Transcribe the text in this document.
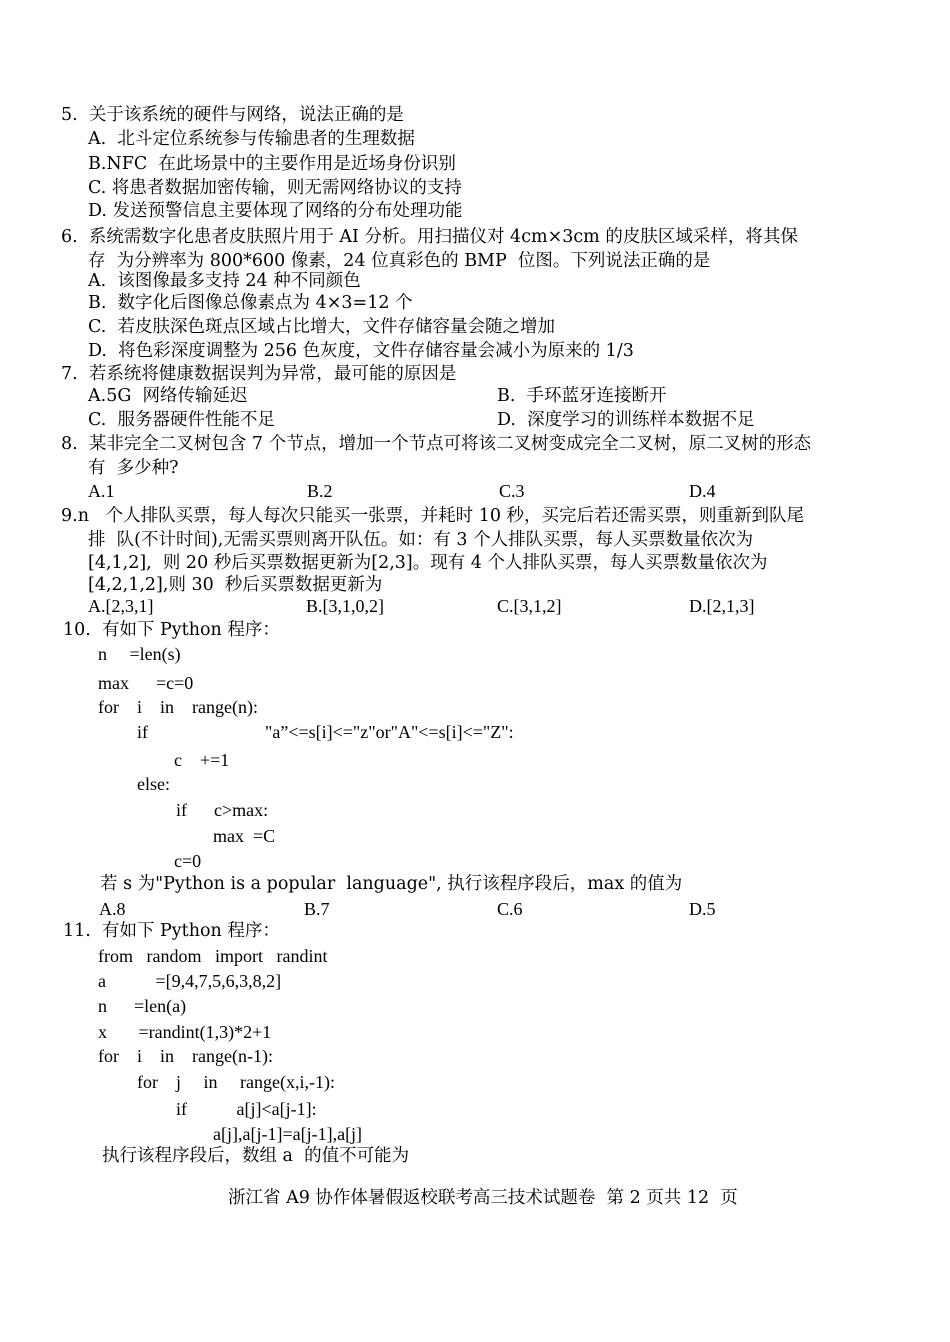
5.  关于该系统的硬件与网络，说法正确的是
A.  北斗定位系统参与传输患者的生理数据
B.NFC  在此场景中的主要作用是近场身份识别
C. 将患者数据加密传输，则无需网络协议的支持
D. 发送预警信息主要体现了网络的分布处理功能
6.  系统需数字化患者皮肤照片用于 AI 分析。用扫描仪对 4cm×3cm 的皮肤区域采样，将其保
存  为分辨率为 800*600 像素，24 位真彩色的 BMP  位图。下列说法正确的是
A.  该图像最多支持 24 种不同颜色
B.  数字化后图像总像素点为 4×3=12 个
C.  若皮肤深色斑点区域占比增大，文件存储容量会随之增加
D.  将色彩深度调整为 256 色灰度，文件存储容量会减小为原来的 1/3
7.  若系统将健康数据误判为异常，最可能的原因是
A.5G  网络传输延迟	B.  手环蓝牙连接断开
C.  服务器硬件性能不足	D.  深度学习的训练样本数据不足
8.  某非完全二叉树包含 7 个节点，增加一个节点可将该二叉树变成完全二叉树，原二叉树的形态
有  多少种?
A.1	B.2	C.3	D.4
9.n   个人排队买票，每人每次只能买一张票，并耗时 10 秒，买完后若还需买票，则重新到队尾
排  队(不计时间),无需买票则离开队伍。如：有 3 个人排队买票，每人买票数量依次为
[4,1,2],  则 20 秒后买票数据更新为[2,3]。现有 4 个人排队买票，每人买票数量依次为
[4,2,1,2],则 30  秒后买票数据更新为
A.[2,3,1]	B.[3,1,0,2]	C.[3,1,2]	D.[2,1,3]
10.  有如下 Python 程序：
n     =len(s)
max      =c=0
for    i    in    range(n):
if                          "a”<=s[i]<="z"or"A"<=s[i]<="Z":
c    +=1
else:
if      c>max:
max  =C
c=0
若 s 为"Python is a popular  language", 执行该程序段后，max 的值为
A.8	B.7	C.6	D.5
11.  有如下 Python 程序：
from   random   import   randint
a           =[9,4,7,5,6,3,8,2]
n      =len(a)
x       =randint(1,3)*2+1
for    i    in    range(n-1):
for    j     in     range(x,i,-1):
if           a[j]<a[j-1]:
a[j],a[j-1]=a[j-1],a[j]
执行该程序段后，数组 a  的值不可能为
浙江省 A9 协作体暑假返校联考高三技术试题卷  第 2 页共 12  页
